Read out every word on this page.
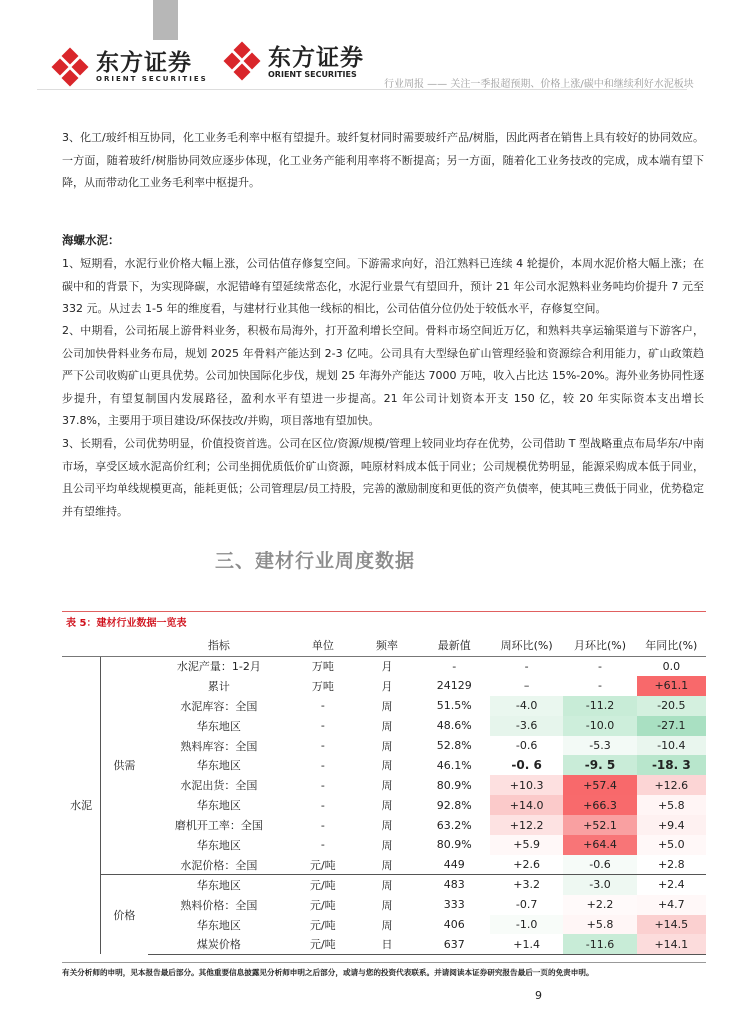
东方证券
ORIENT SECURITIES
东方证券
ORIENT SECURITIES
行业周报 —— 关注一季报超预期、价格上涨/碳中和继续利好水泥板块
3、化工/玻纤相互协同，化工业务毛利率中枢有望提升。玻纤复材同时需要玻纤产品/树脂，因此两者在销售上具有较好的协同效应。一方面，随着玻纤/树脂协同效应逐步体现，化工业务产能利用率将不断提高；另一方面，随着化工业务技改的完成，成本端有望下降，从而带动化工业务毛利率中枢提升。
海螺水泥：
1、短期看，水泥行业价格大幅上涨，公司估值存修复空间。下游需求向好，沿江熟料已连续 4 轮提价，本周水泥价格大幅上涨；在碳中和的背景下，为实现降碳，水泥错峰有望延续常态化，水泥行业景气有望回升，预计 21 年公司水泥熟料业务吨均价提升 7 元至 332 元。从过去 1-5 年的维度看，与建材行业其他一线标的相比，公司估值分位仍处于较低水平，存修复空间。
2、中期看，公司拓展上游骨料业务，积极布局海外，打开盈利增长空间。骨料市场空间近万亿，和熟料共享运输渠道与下游客户，公司加快骨料业务布局，规划 2025 年骨料产能达到 2-3 亿吨。公司具有大型绿色矿山管理经验和资源综合利用能力，矿山政策趋严下公司收购矿山更具优势。公司加快国际化步伐，规划 25 年海外产能达 7000 万吨，收入占比达 15%-20%。海外业务协同性逐步提升，有望复制国内发展路径，盈利水平有望进一步提高。21 年公司计划资本开支 150 亿，较 20 年实际资本支出增长 37.8%，主要用于项目建设/环保技改/并购，项目落地有望加快。
3、长期看，公司优势明显，价值投资首选。公司在区位/资源/规模/管理上较同业均存在优势，公司借助 T 型战略重点布局华东/中南市场，享受区域水泥高价红利；公司坐拥优质低价矿山资源，吨原材料成本低于同业；公司规模优势明显，能源采购成本低于同业，且公司平均单线规模更高，能耗更低；公司管理层/员工持股，完善的激励制度和更低的资产负债率，使其吨三费低于同业，优势稳定并有望维持。
三、建材行业周度数据
表 5：建材行业数据一览表
		指标	单位	频率	最新值	周环比(%)	月环比(%)	年同比(%)
水泥	供需	水泥产量：1-2月	万吨	月	-	-	-	0.0
		累计	万吨	月	24129	–	-	+61.1
		水泥库容：全国	-	周	51.5%	-4.0	-11.2	-20.5
		华东地区	-	周	48.6%	-3.6	-10.0	-27.1
		熟料库容：全国	-	周	52.8%	-0.6	-5.3	-10.4
		华东地区	-	周	46.1%	-0. 6	-9. 5	-18. 3
		水泥出货：全国	-	周	80.9%	+10.3	+57.4	+12.6
		华东地区	-	周	92.8%	+14.0	+66.3	+5.8
		磨机开工率：全国	-	周	63.2%	+12.2	+52.1	+9.4
		华东地区	-	周	80.9%	+5.9	+64.4	+5.0
		水泥价格：全国	元/吨	周	449	+2.6	-0.6	+2.8
	价格	华东地区	元/吨	周	483	+3.2	-3.0	+2.4
		熟料价格：全国	元/吨	周	333	-0.7	+2.2	+4.7
		华东地区	元/吨	周	406	-1.0	+5.8	+14.5
		煤炭价格	元/吨	日	637	+1.4	-11.6	+14.1
有关分析师的申明，见本报告最后部分。其他重要信息披露见分析师申明之后部分，或请与您的投资代表联系。并请阅读本证券研究报告最后一页的免责申明。
9
